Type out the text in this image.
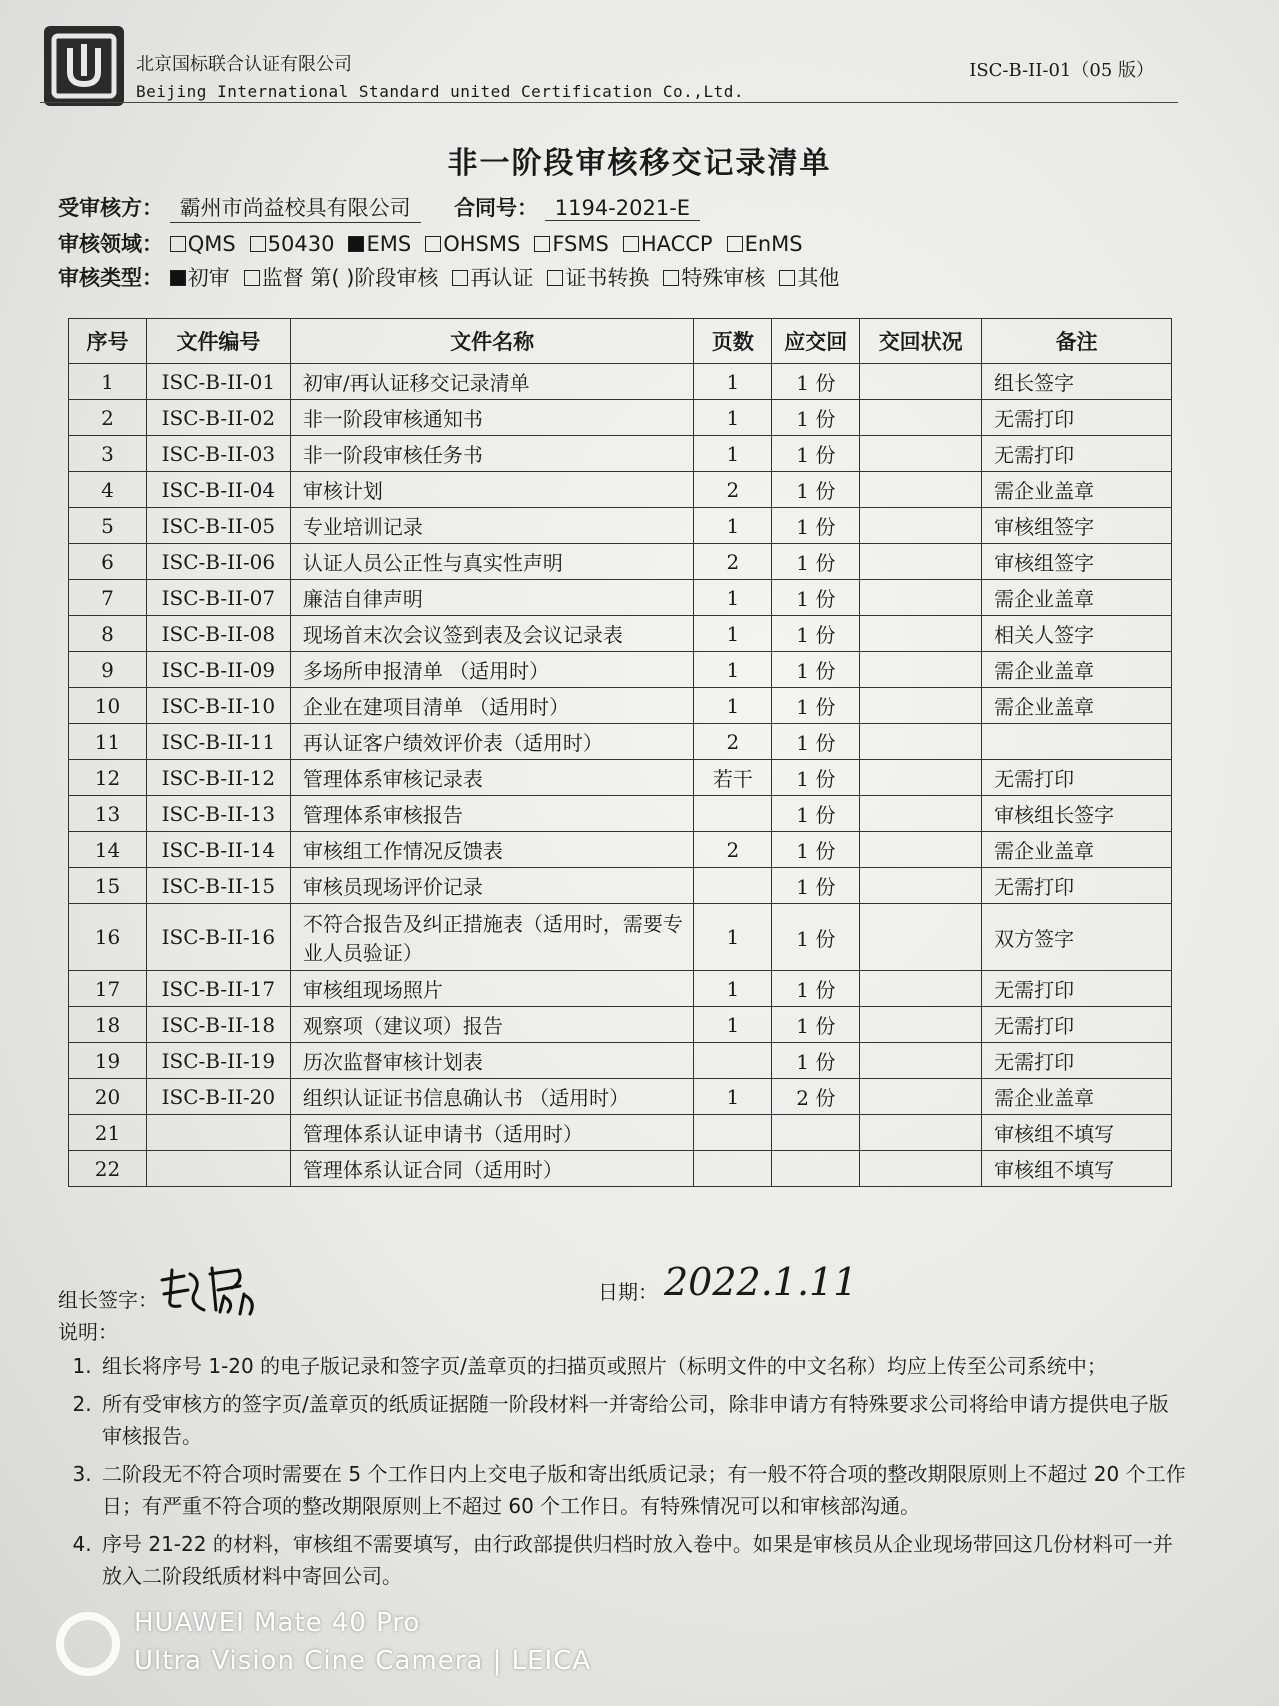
北京国标联合认证有限公司
Beijing International Standard united Certification Co.,Ltd.
ISC-B-II-01（05 版）
非一阶段审核移交记录清单
受审核方： 霸州市尚益校具有限公司 合同号： 1194-2021-E
审核领域： QMS 50430 EMS OHSMS FSMS HACCP EnMS
审核类型： 初审 监督 第( )阶段审核 再认证 证书转换 特殊审核 其他
序号	文件编号	文件名称	页数	应交回	交回状况	备注
1	ISC-B-II-01	初审/再认证移交记录清单	1	1 份		组长签字
2	ISC-B-II-02	非一阶段审核通知书	1	1 份		无需打印
3	ISC-B-II-03	非一阶段审核任务书	1	1 份		无需打印
4	ISC-B-II-04	审核计划	2	1 份		需企业盖章
5	ISC-B-II-05	专业培训记录	1	1 份		审核组签字
6	ISC-B-II-06	认证人员公正性与真实性声明	2	1 份		审核组签字
7	ISC-B-II-07	廉洁自律声明	1	1 份		需企业盖章
8	ISC-B-II-08	现场首末次会议签到表及会议记录表	1	1 份		相关人签字
9	ISC-B-II-09	多场所申报清单 （适用时）	1	1 份		需企业盖章
10	ISC-B-II-10	企业在建项目清单 （适用时）	1	1 份		需企业盖章
11	ISC-B-II-11	再认证客户绩效评价表（适用时）	2	1 份		
12	ISC-B-II-12	管理体系审核记录表	若干	1 份		无需打印
13	ISC-B-II-13	管理体系审核报告		1 份		审核组长签字
14	ISC-B-II-14	审核组工作情况反馈表	2	1 份		需企业盖章
15	ISC-B-II-15	审核员现场评价记录		1 份		无需打印
16	ISC-B-II-16	不符合报告及纠正措施表（适用时，需要专业人员验证）	1	1 份		双方签字
17	ISC-B-II-17	审核组现场照片	1	1 份		无需打印
18	ISC-B-II-18	观察项（建议项）报告	1	1 份		无需打印
19	ISC-B-II-19	历次监督审核计划表		1 份		无需打印
20	ISC-B-II-20	组织认证证书信息确认书 （适用时）	1	2 份		需企业盖章
21		管理体系认证申请书（适用时）				审核组不填写
22		管理体系认证合同（适用时）				审核组不填写
组长签字：	日期： 2022.1.11
说明：
1. 组长将序号 1-20 的电子版记录和签字页/盖章页的扫描页或照片（标明文件的中文名称）均应上传至公司系统中；
2. 所有受审核方的签字页/盖章页的纸质证据随一阶段材料一并寄给公司，除非申请方有特殊要求公司将给申请方提供电子版审核报告。
3. 二阶段无不符合项时需要在 5 个工作日内上交电子版和寄出纸质记录；有一般不符合项的整改期限原则上不超过 20 个工作日；有严重不符合项的整改期限原则上不超过 60 个工作日。有特殊情况可以和审核部沟通。
4. 序号 21-22 的材料，审核组不需要填写，由行政部提供归档时放入卷中。如果是审核员从企业现场带回这几份材料可一并放入二阶段纸质材料中寄回公司。
HUAWEI Mate 40 Pro
Ultra Vision Cine Camera | LEICA
